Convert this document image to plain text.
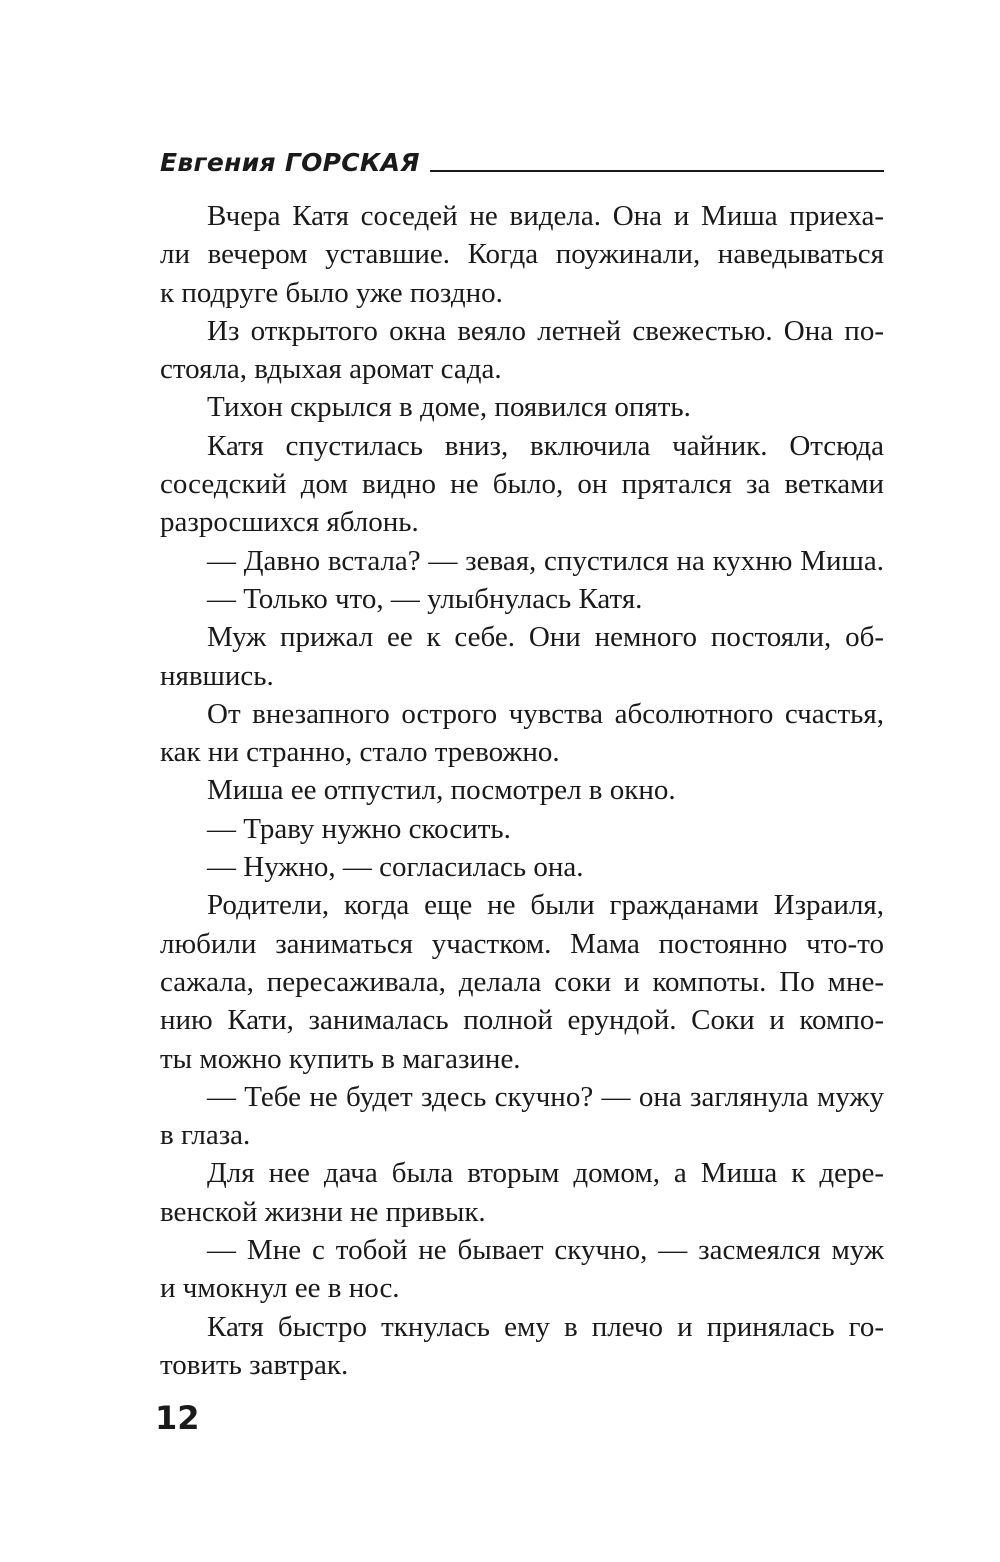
Евгения ГОРСКАЯ
Вчера Катя соседей не видела. Она и Миша приеха-
ли вечером уставшие. Когда поужинали, наведываться
к подруге было уже поздно.
Из открытого окна веяло летней свежестью. Она по-
стояла, вдыхая аромат сада.
Тихон скрылся в доме, появился опять.
Катя спустилась вниз, включила чайник. Отсюда
соседский дом видно не было, он прятался за ветками
разросшихся яблонь.
— Давно встала? — зевая, спустился на кухню Миша.
— Только что, — улыбнулась Катя.
Муж прижал ее к себе. Они немного постояли, об-
нявшись.
От внезапного острого чувства абсолютного счастья,
как ни странно, стало тревожно.
Миша ее отпустил, посмотрел в окно.
— Траву нужно скосить.
— Нужно, — согласилась она.
Родители, когда еще не были гражданами Израиля,
любили заниматься участком. Мама постоянно что-то
сажала, пересаживала, делала соки и компоты. По мне-
нию Кати, занималась полной ерундой. Соки и компо-
ты можно купить в магазине.
— Тебе не будет здесь скучно? — она заглянула мужу
в глаза.
Для нее дача была вторым домом, а Миша к дере-
венской жизни не привык.
— Мне с тобой не бывает скучно, — засмеялся муж
и чмокнул ее в нос.
Катя быстро ткнулась ему в плечо и принялась го-
товить завтрак.
12
